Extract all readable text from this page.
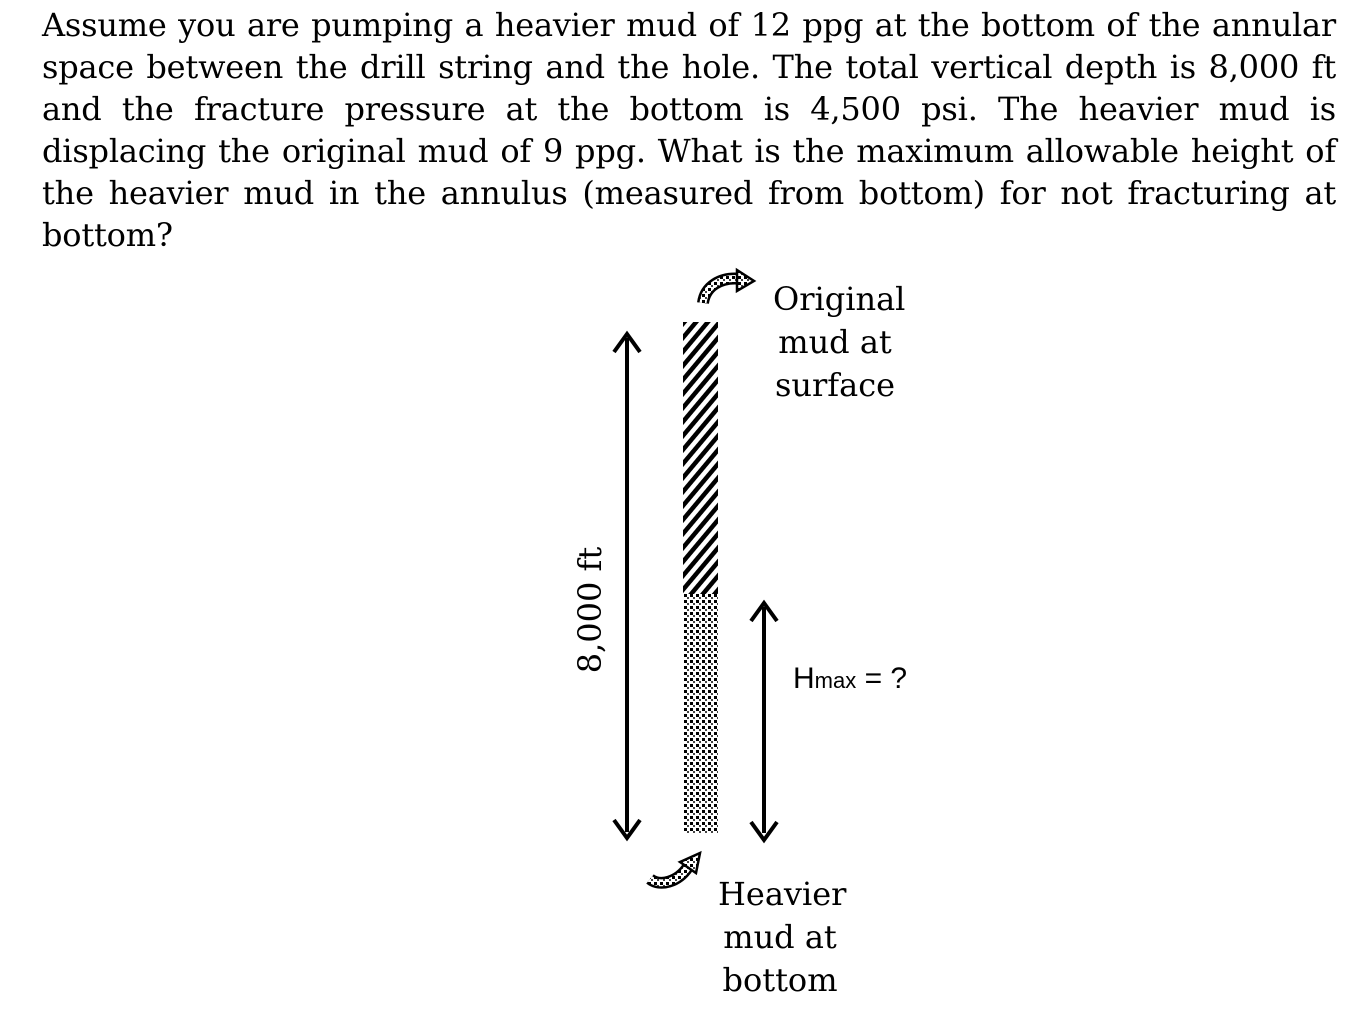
Assume you are pumping a heavier mud of 12 ppg at the bottom of the annular space between the drill string and the hole. The total vertical depth is 8,000 ft and the fracture pressure at the bottom is 4,500 psi. The heavier mud is displacing the original mud of 9 ppg. What is the maximum allowable height of the heavier mud in the annulus (measured from bottom) for not fracturing at bottom?

8,000 ft
Original
mud at
surface
Hmax = ?
Heavier
mud at
bottom
